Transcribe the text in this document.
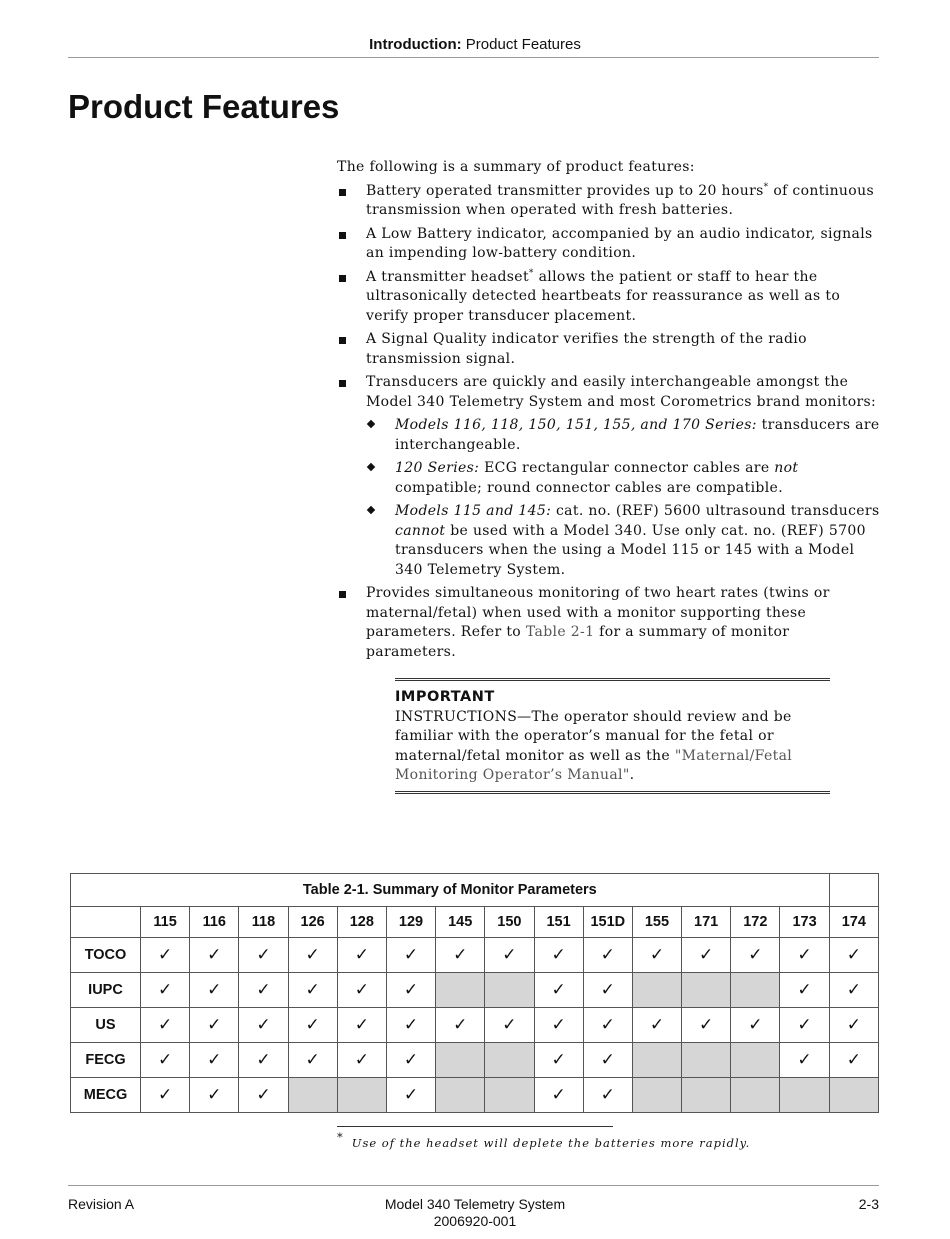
Introduction: Product Features
Product Features

The following is a summary of product features:

Battery operated transmitter provides up to 20 hours* of continuous transmission when operated with fresh batteries.
A Low Battery indicator, accompanied by an audio indicator, signals an impending low-battery condition.
A transmitter headset* allows the patient or staff to hear the ultrasonically detected heartbeats for reassurance as well as to verify proper transducer placement.
A Signal Quality indicator verifies the strength of the radio transmission signal.
Transducers are quickly and easily interchangeable amongst the Model 340 Telemetry System and most Corometrics brand monitors:
Models 116, 118, 150, 151, 155, and 170 Series: transducers are interchangeable.
120 Series: ECG rectangular connector cables are not compatible; round connector cables are compatible.
Models 115 and 145: cat. no. (REF) 5600 ultrasound transducers cannot be used with a Model 340. Use only cat. no. (REF) 5700 transducers when the using a Model 115 or 145 with a Model 340 Telemetry System.
Provides simultaneous monitoring of two heart rates (twins or maternal/fetal) when used with a monitor supporting these parameters. Refer to Table 2-1 for a summary of monitor parameters.
IMPORTANT
INSTRUCTIONS—The operator should review and be familiar with the operator’s manual for the fetal or maternal/fetal monitor as well as the "Maternal/Fetal Monitoring Operator’s Manual".
Table 2-1. Summary of Monitor Parameters															
	115	116	118	126	128	129	145	150	151	151D	155	171	172	173	174
TOCO	✓	✓	✓	✓	✓	✓	✓	✓	✓	✓	✓	✓	✓	✓	✓
IUPC	✓	✓	✓	✓	✓	✓			✓	✓				✓	✓
US	✓	✓	✓	✓	✓	✓	✓	✓	✓	✓	✓	✓	✓	✓	✓
FECG	✓	✓	✓	✓	✓	✓			✓	✓				✓	✓
MECG	✓	✓	✓			✓			✓	✓					
* Use of the headset will deplete the batteries more rapidly.
Revision A	Model 340 Telemetry System
2006920-001
2-3
